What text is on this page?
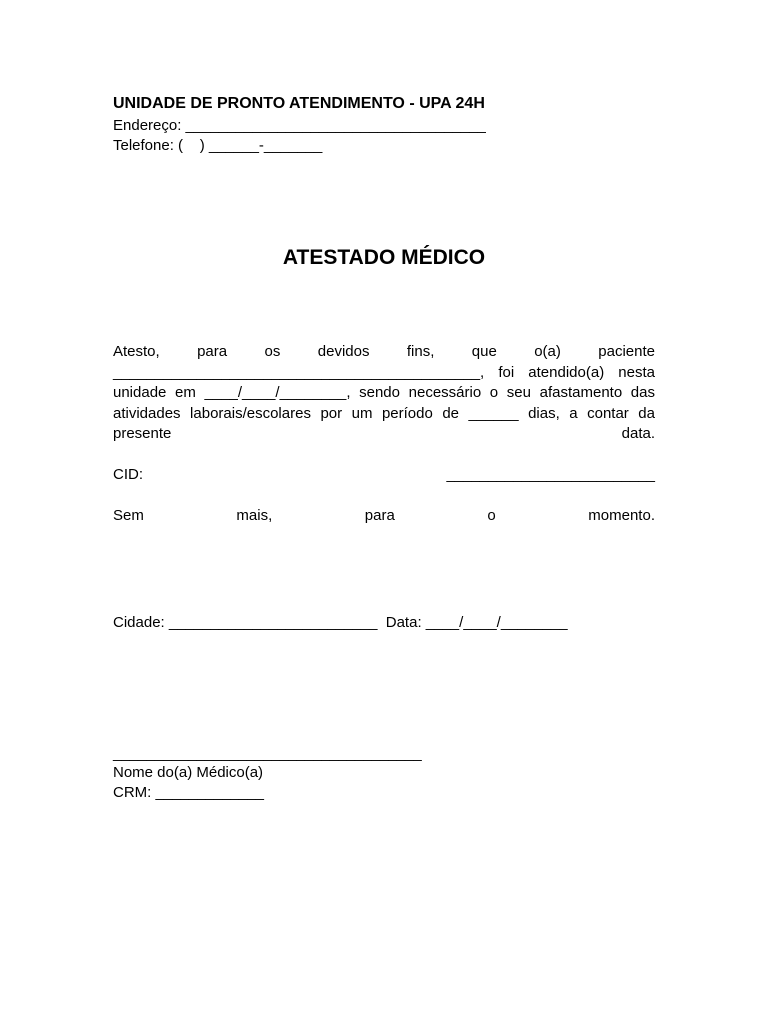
UNIDADE DE PRONTO ATENDIMENTO - UPA 24H
Endereço: ____________________________________
Telefone: (    ) ______-_______
ATESTADO MÉDICO
Atesto, para os devidos fins, que o(a) paciente
____________________________________________, foi atendido(a) nesta
unidade em ____/____/________, sendo necessário o seu afastamento das
atividades laborais/escolares por um período de ______ dias, a contar da
presente data.
CID:	_________________________
Sem mais, para o momento.
Cidade: _________________________  Data: ____/____/________
_____________________________________
Nome do(a) Médico(a)
CRM: _____________
